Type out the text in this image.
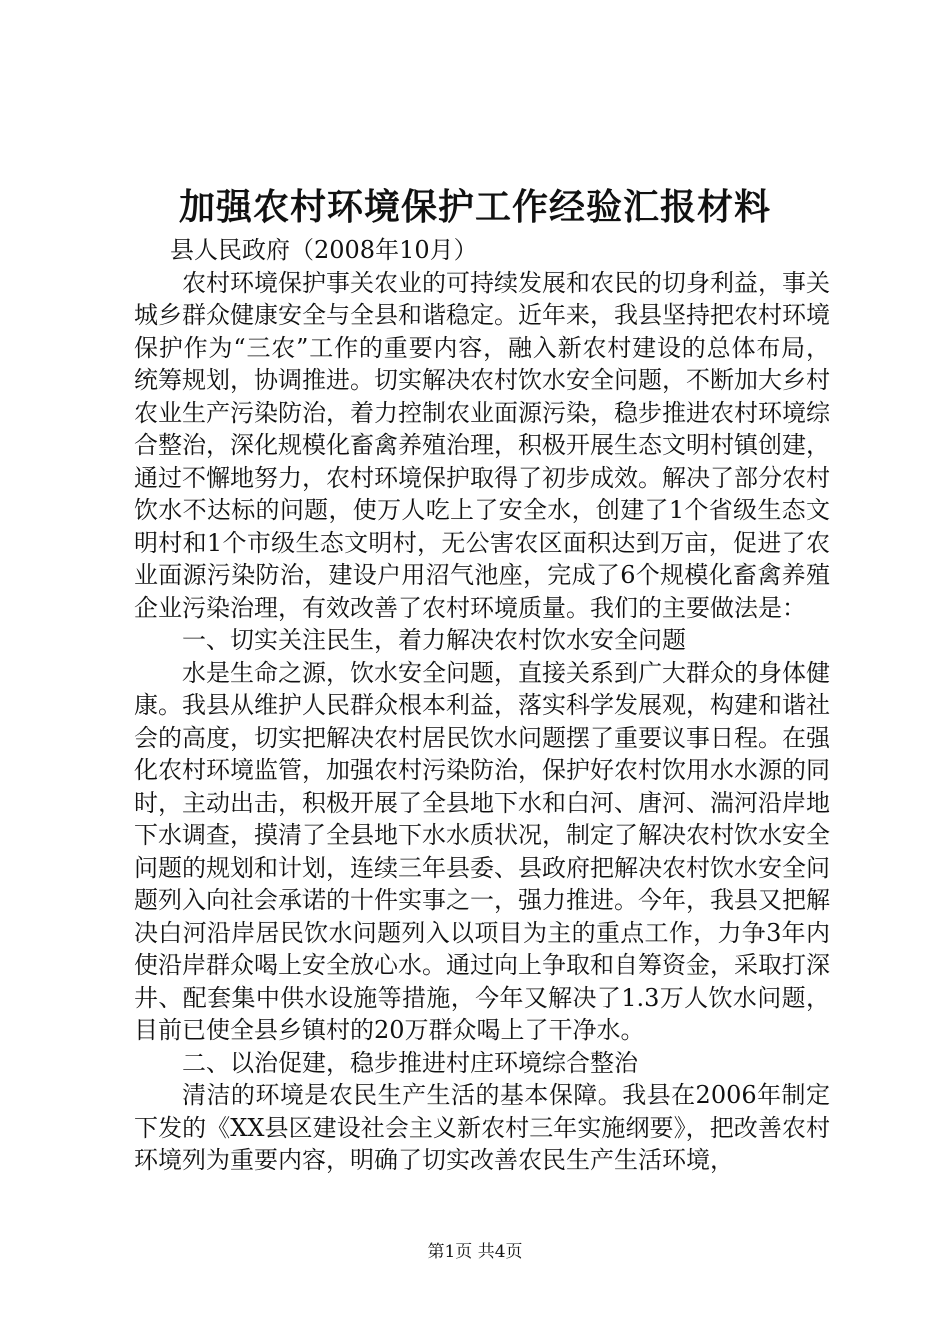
加强农村环境保护工作经验汇报材料

县人民政府（2008年10月）

农村环境保护事关农业的可持续发展和农民的切身利益，事关城乡群众健康安全与全县和谐稳定。近年来，我县坚持把农村环境保护作为“三农”工作的重要内容，融入新农村建设的总体布局，统筹规划，协调推进。切实解决农村饮水安全问题，不断加大乡村农业生产污染防治，着力控制农业面源污染，稳步推进农村环境综合整治，深化规模化畜禽养殖治理，积极开展生态文明村镇创建，通过不懈地努力，农村环境保护取得了初步成效。解决了部分农村饮水不达标的问题，使万人吃上了安全水，创建了1个省级生态文明村和1个市级生态文明村，无公害农区面积达到万亩，促进了农业面源污染防治，建设户用沼气池座，完成了6个规模化畜禽养殖企业污染治理，有效改善了农村环境质量。我们的主要做法是：

一、切实关注民生，着力解决农村饮水安全问题

水是生命之源，饮水安全问题，直接关系到广大群众的身体健康。我县从维护人民群众根本利益，落实科学发展观，构建和谐社会的高度，切实把解决农村居民饮水问题摆了重要议事日程。在强化农村环境监管，加强农村污染防治，保护好农村饮用水水源的同时，主动出击，积极开展了全县地下水和白河、唐河、湍河沿岸地下水调查，摸清了全县地下水水质状况，制定了解决农村饮水安全问题的规划和计划，连续三年县委、县政府把解决农村饮水安全问题列入向社会承诺的十件实事之一，强力推进。今年，我县又把解决白河沿岸居民饮水问题列入以项目为主的重点工作，力争3年内使沿岸群众喝上安全放心水。通过向上争取和自筹资金，采取打深井、配套集中供水设施等措施，今年又解决了1.3万人饮水问题，目前已使全县乡镇村的20万群众喝上了干净水。

二、以治促建，稳步推进村庄环境综合整治

清洁的环境是农民生产生活的基本保障。我县在2006年制定下发的《XX县区建设社会主义新农村三年实施纲要》，把改善农村环境列为重要内容，明确了切实改善农民生产生活环境，

第1页 共4页
